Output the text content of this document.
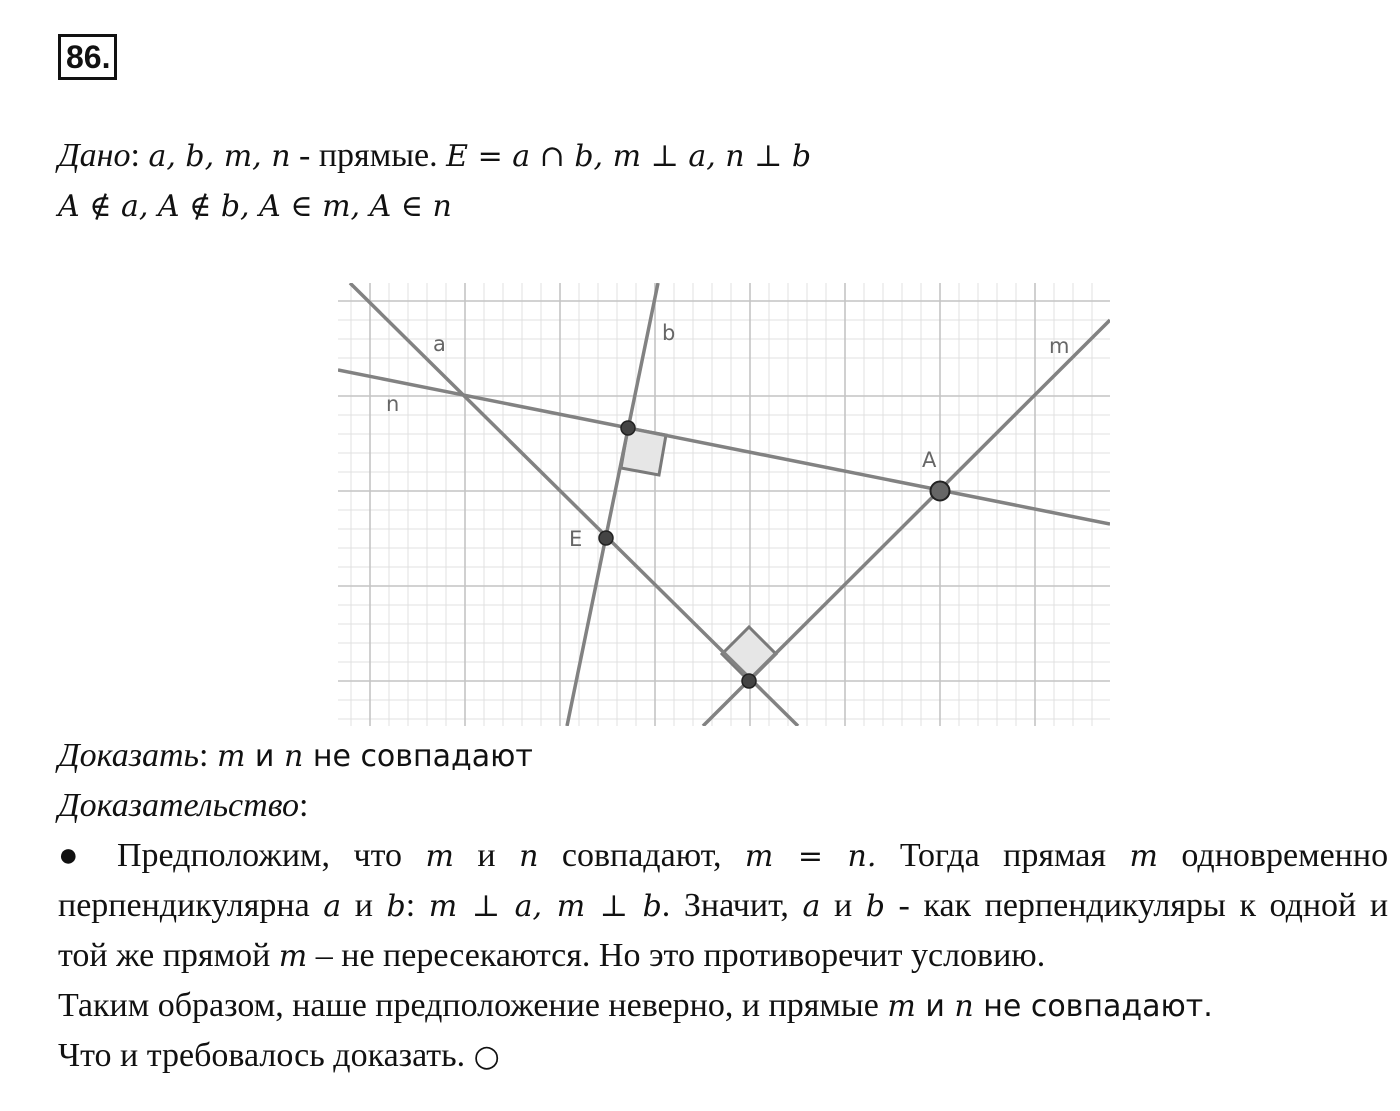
86.
Дано: a, b, m, n - прямые. E = a ∩ b, m ⊥ a, n ⊥ b
A ∉ a, A ∉ b, A ∈ m, A ∈ n
a	b
m
n
E
A
Доказать: m и n не совпадают
Доказательство:
● Предположим, что m и n совпадают, m = n. Тогда прямая m одновременно
перпендикулярна a и b: m ⊥ a, m ⊥ b. Значит, a и b - как перпендикуляры к одной и
той же прямой m – не пересекаются. Но это противоречит условию.
Таким образом, наше предположение неверно, и прямые m и n не совпадают.
Что и требовалось доказать. ○
